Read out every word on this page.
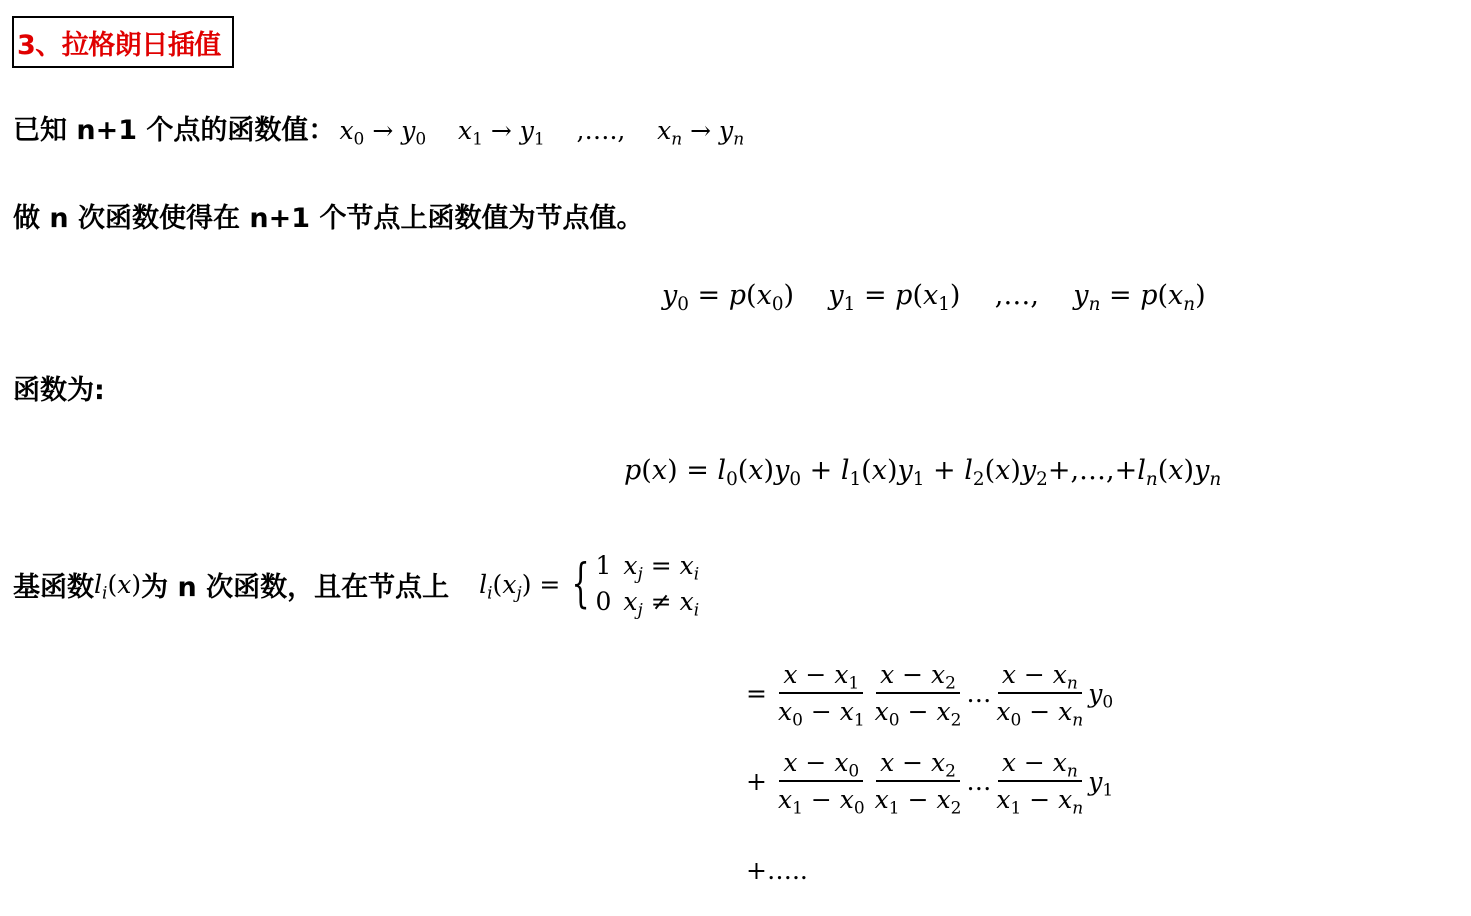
3、拉格朗日插值
已知 n+1 个点的函数值： $x_0 \to y_0$    $x_1 \to y_1$ ,….,    $x_n \to y_n$
做 n 次函数使得在 n+1 个节点上函数值为节点值。
$y_0 = p(x_0)$    $y_1 = p(x_1)$ ,…,    $y_n = p(x_n)$
函数为:
$p(x) = l_0(x)y_0 + l_1(x)y_1$ + $l_2(x)y_2+,\dots,+l_n(x)y_n$
基函数 $l_i(x)$ 为 n 次函数，且在节点上 $l_i(x_j)$ = { 1	$x_j = x_i$
0	$x_j \ne x_i$
= $\frac{x - x_1}{x_0 - x_1} \frac{x - x_2}{x_0 - x_2}$ … $\frac{x - x_n}{x_0 - x_n} y_0$
+ $\frac{x - x_0}{x_1 - x_0} \frac{x - x_2}{x_1 - x_2}$ … $\frac{x - x_n}{x_1 - x_n} y_1$
+…..
